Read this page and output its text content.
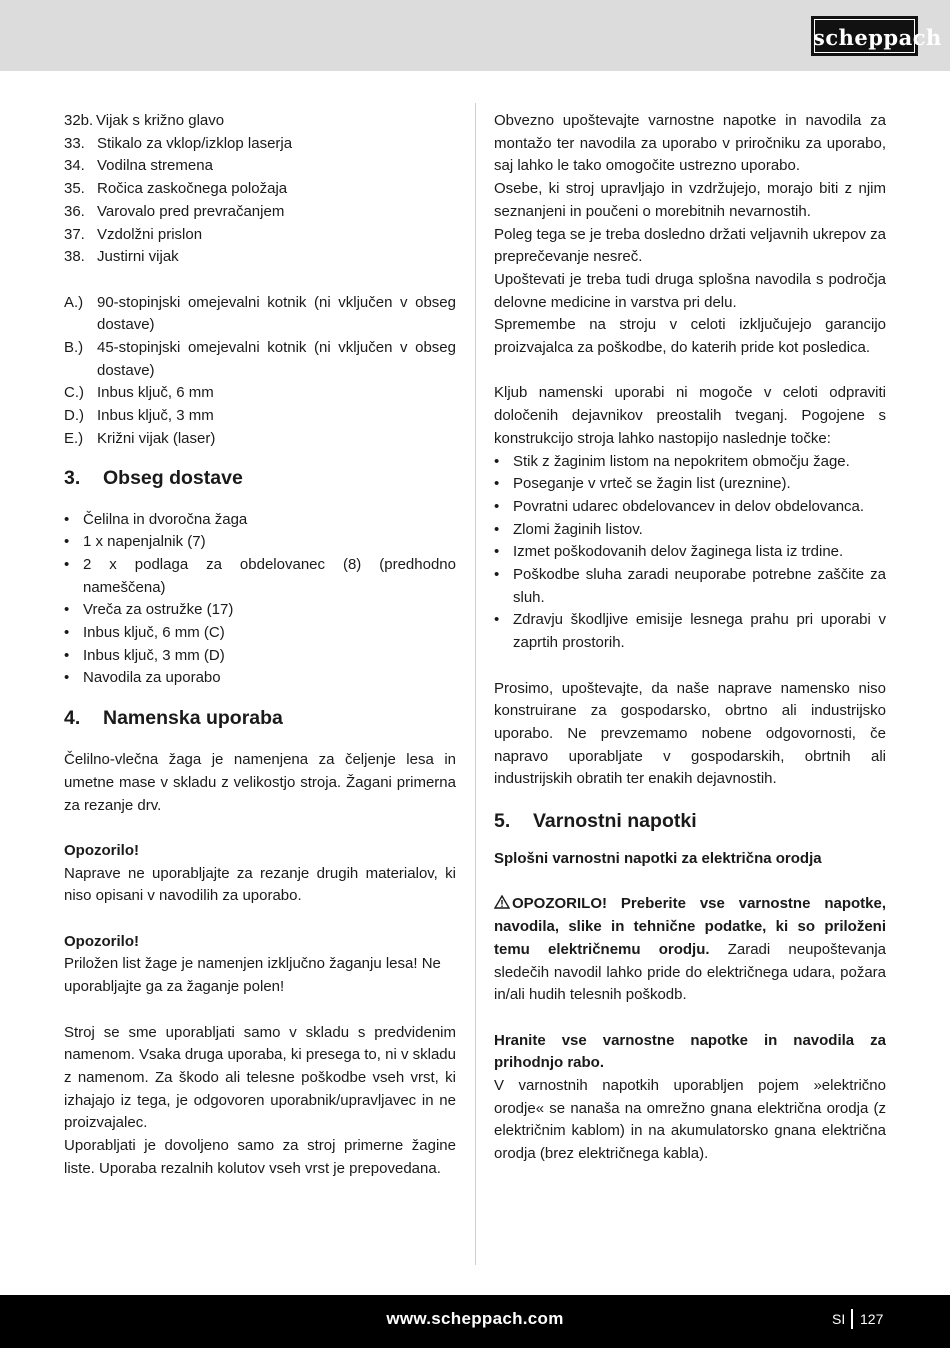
scheppach
32b. Vijak s križno glavo
33. Stikalo za vklop/izklop laserja
34. Vodilna stremena
35. Ročica zaskočnega položaja
36. Varovalo pred prevračanjem
37. Vzdolžni prislon
38. Justirni vijak
A.) 90-stopinjski omejevalni kotnik (ni vključen v obseg dostave)
B.) 45-stopinjski omejevalni kotnik (ni vključen v obseg dostave)
C.) Inbus ključ, 6 mm
D.) Inbus ključ, 3 mm
E.) Križni vijak (laser)
3.	Obseg dostave
• Čelilna in dvoročna žaga
• 1 x napenjalnik (7)
• 2 x podlaga za obdelovanec (8) (predhodno nameščena)
• Vreča za ostružke (17)
• Inbus ključ, 6 mm (C)
• Inbus ključ, 3 mm (D)
• Navodila za uporabo
4.	Namenska uporaba

Čelilno-vlečna žaga je namenjena za čeljenje lesa in umetne mase v skladu z velikostjo stroja. Žagani primerna za rezanje drv.

Opozorilo!

Naprave ne uporabljajte za rezanje drugih materialov, ki niso opisani v navodilih za uporabo.

Opozorilo!

Priložen list žage je namenjen izključno žaganju lesa! Ne uporabljajte ga za žaganje polen!

Stroj se sme uporabljati samo v skladu s predvidenim namenom. Vsaka druga uporaba, ki presega to, ni v skladu z namenom. Za škodo ali telesne poškodbe vseh vrst, ki izhajajo iz tega, je odgovoren uporabnik/upravljavec in ne proizvajalec.

Uporabljati je dovoljeno samo za stroj primerne žagine liste. Uporaba rezalnih kolutov vseh vrst je prepovedana.

Obvezno upoštevajte varnostne napotke in navodila za montažo ter navodila za uporabo v priročniku za uporabo, saj lahko le tako omogočite ustrezno uporabo.

Osebe, ki stroj upravljajo in vzdržujejo, morajo biti z njim seznanjeni in poučeni o morebitnih nevarnostih.

Poleg tega se je treba dosledno držati veljavnih ukrepov za preprečevanje nesreč.

Upoštevati je treba tudi druga splošna navodila s področja delovne medicine in varstva pri delu.

Spremembe na stroju v celoti izključujejo garancijo proizvajalca za poškodbe, do katerih pride kot posledica.

Kljub namenski uporabi ni mogoče v celoti odpraviti določenih dejavnikov preostalih tveganj. Pogojene s konstrukcijo stroja lahko nastopijo naslednje točke:

• Stik z žaginim listom na nepokritem območju žage.
• Poseganje v vrteč se žagin list (ureznine).
• Povratni udarec obdelovancev in delov obdelovanca.
• Zlomi žaginih listov.
• Izmet poškodovanih delov žaginega lista iz trdine.
• Poškodbe sluha zaradi neuporabe potrebne zaščite za sluh.
• Zdravju škodljive emisije lesnega prahu pri uporabi v zaprtih prostorih.

Prosimo, upoštevajte, da naše naprave namensko niso konstruirane za gospodarsko, obrtno ali industrijsko uporabo. Ne prevzemamo nobene odgovornosti, če napravo uporabljate v gospodarskih, obrtnih ali industrijskih obratih ter enakih dejavnostih.

5.	Varnostni napotki

Splošni varnostni napotki za električna orodja

OPOZORILO! Preberite vse varnostne napotke, navodila, slike in tehnične podatke, ki so priloženi temu električnemu orodju. Zaradi neupoštevanja sledečih navodil lahko pride do električnega udara, požara in/ali hudih telesnih poškodb.

Hranite vse varnostne napotke in navodila za prihodnjo rabo.

V varnostnih napotkih uporabljen pojem »električno orodje« se nanaša na omrežno gnana električna orodja (z električnim kablom) in na akumulatorsko gnana električna orodja (brez električnega kabla).

www.scheppach.com	SI 127
